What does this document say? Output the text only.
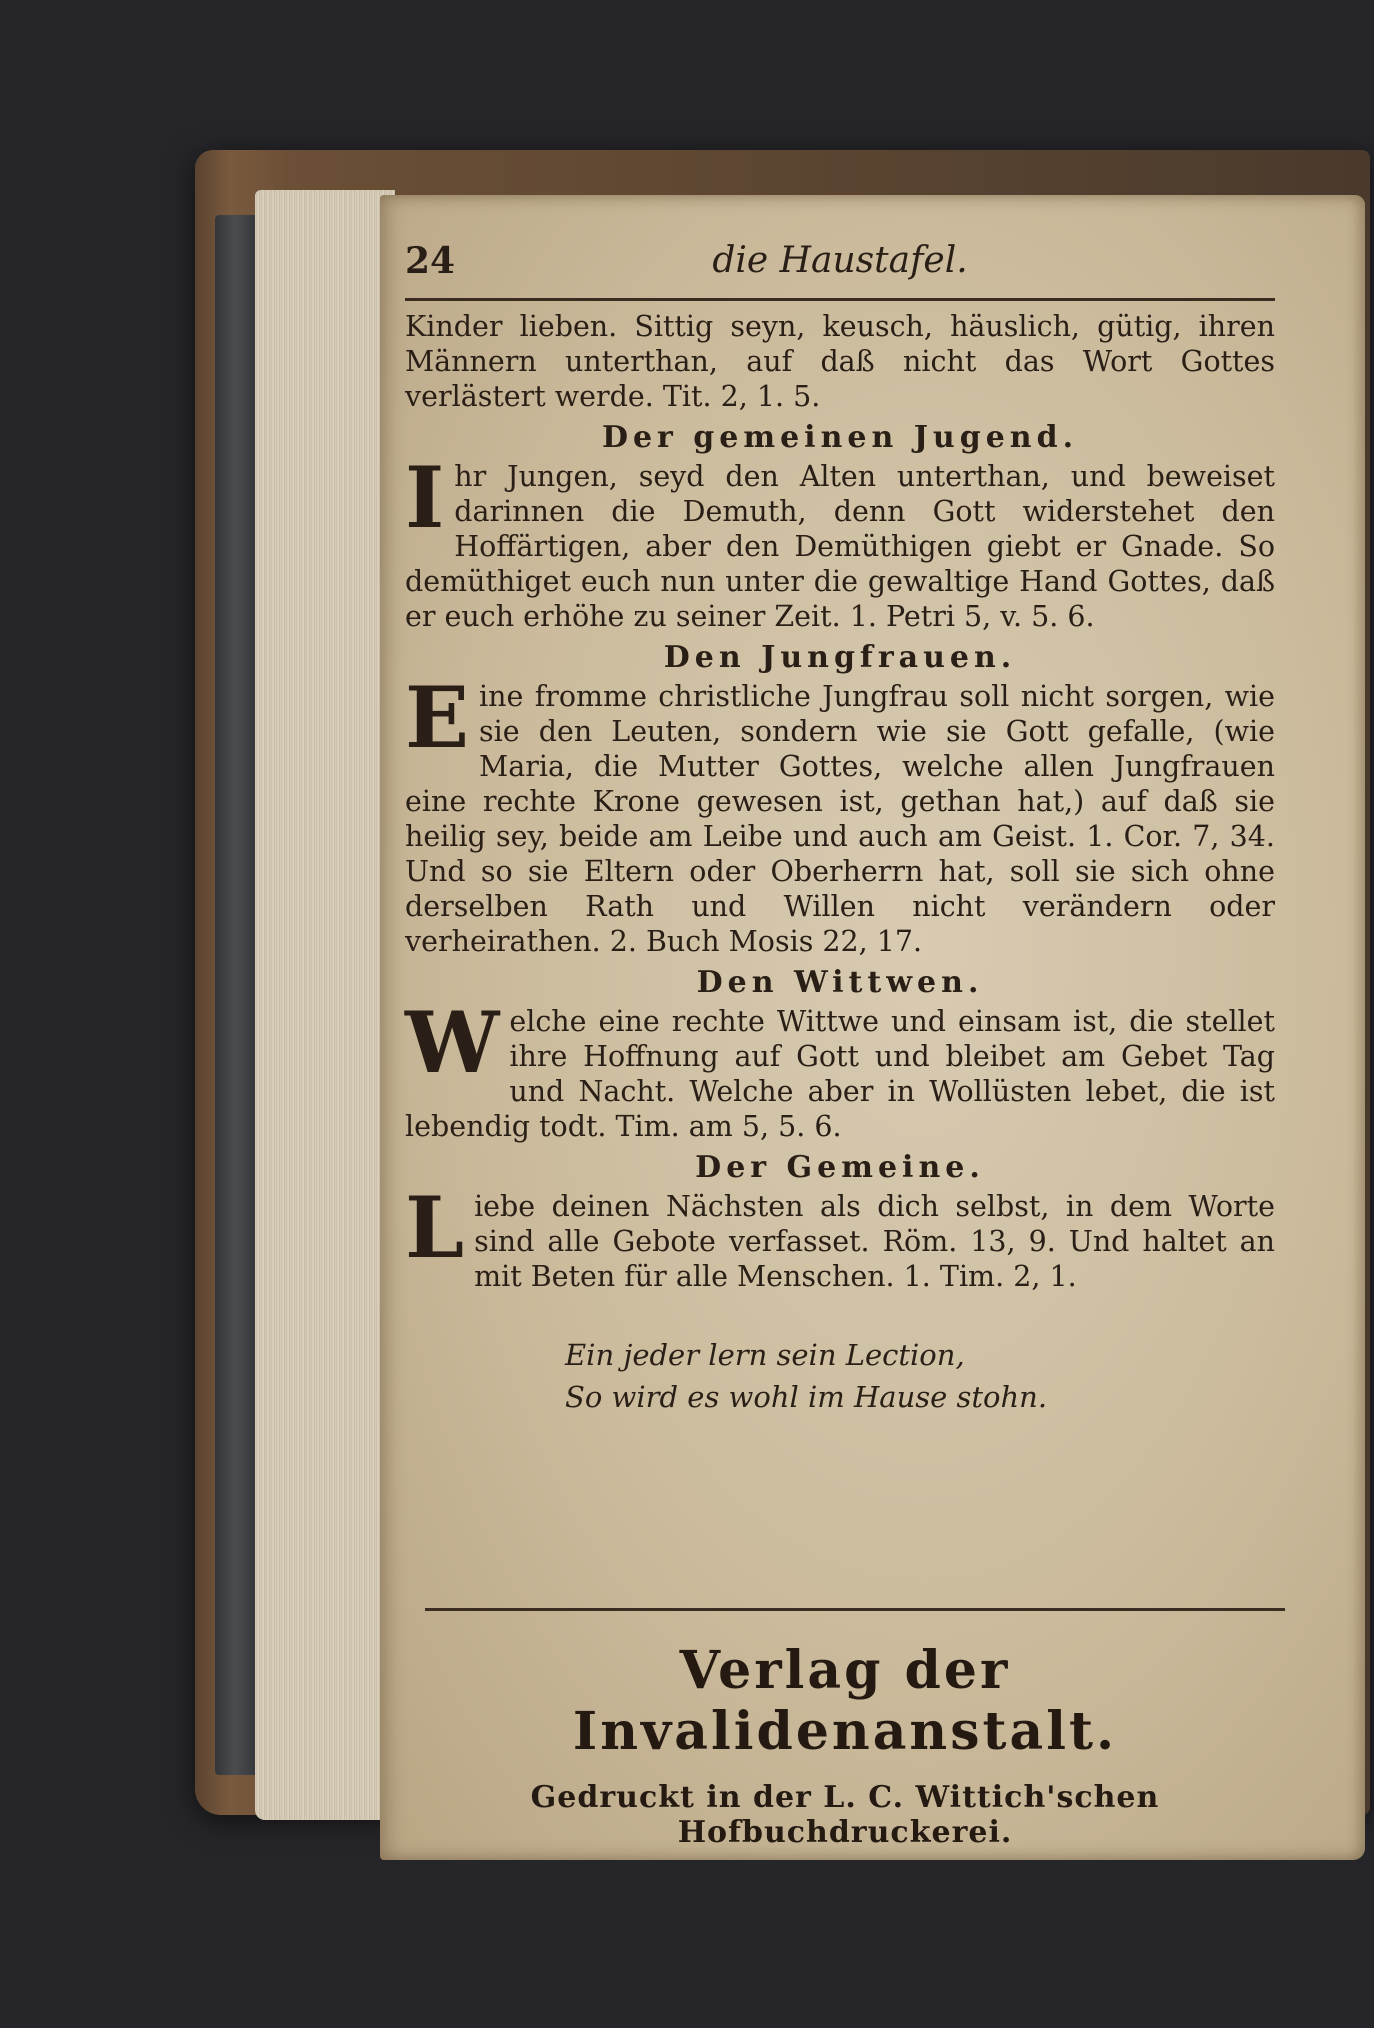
24	die Haustafel.

Kinder lieben. Sittig seyn, keusch, häuslich, gütig, ihren Männern unterthan, auf daß nicht das Wort Gottes verlästert werde. Tit. 2, 1. 5.

Der gemeinen Jugend.

I hr Jungen, seyd den Alten unterthan, und beweiset darinnen die Demuth, denn Gott widerstehet den Hoffärtigen, aber den Demüthigen giebt er Gnade. So demüthiget euch nun unter die gewaltige Hand Gottes, daß er euch erhöhe zu seiner Zeit. 1. Petri 5, v. 5. 6.

Den Jungfrauen.

E ine fromme christliche Jungfrau soll nicht sorgen, wie sie den Leuten, sondern wie sie Gott gefalle, (wie Maria, die Mutter Gottes, welche allen Jungfrauen eine rechte Krone gewesen ist, gethan hat,) auf daß sie heilig sey, beide am Leibe und auch am Geist. 1. Cor. 7, 34. Und so sie Eltern oder Oberherrn hat, soll sie sich ohne derselben Rath und Willen nicht verändern oder verheirathen. 2. Buch Mosis 22, 17.

Den Wittwen.

W elche eine rechte Wittwe und einsam ist, die stellet ihre Hoffnung auf Gott und bleibet am Gebet Tag und Nacht. Welche aber in Wollüsten lebet, die ist lebendig todt. Tim. am 5, 5. 6.

Der Gemeine.

L iebe deinen Nächsten als dich selbst, in dem Worte sind alle Gebote verfasset. Röm. 13, 9. Und haltet an mit Beten für alle Menschen. 1. Tim. 2, 1.

Ein jeder lern sein Lection,
So wird es wohl im Hause stohn.
Verlag der Invalidenanstalt.
Gedruckt in der L. C. Wittich'schen Hofbuchdruckerei.
